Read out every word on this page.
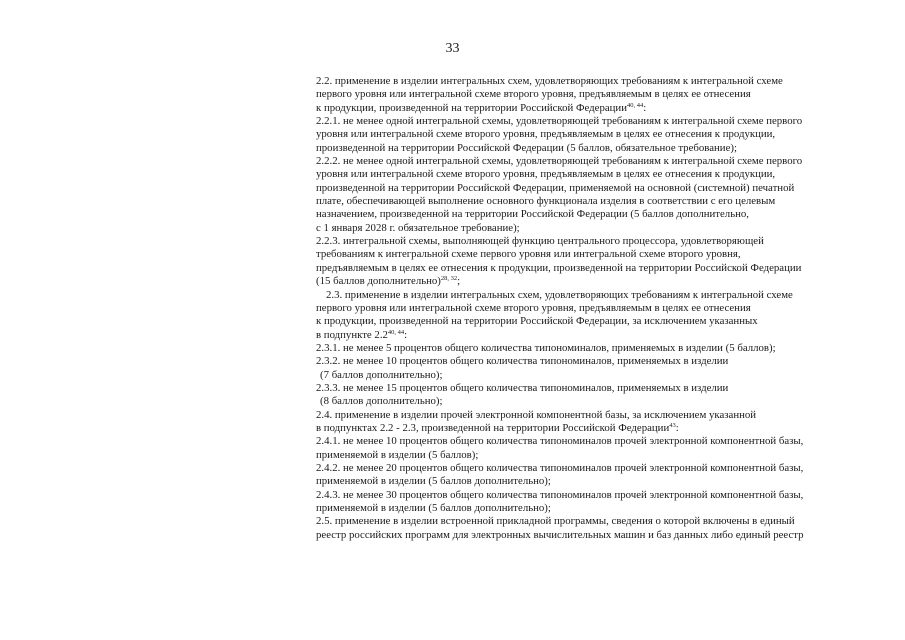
33
2.2. применение в изделии интегральных схем, удовлетворяющих требованиям к интегральной схеме
первого уровня или интегральной схеме второго уровня, предъявляемым в целях ее отнесения
к продукции, произведенной на территории Российской Федерации$^{40, 44}$:
2.2.1. не менее одной интегральной схемы, удовлетворяющей требованиям к интегральной схеме первого
уровня или интегральной схеме второго уровня, предъявляемым в целях ее отнесения к продукции,
произведенной на территории Российской Федерации (5 баллов, обязательное требование);
2.2.2. не менее одной интегральной схемы, удовлетворяющей требованиям к интегральной схеме первого
уровня или интегральной схеме второго уровня, предъявляемым в целях ее отнесения к продукции,
произведенной на территории Российской Федерации, применяемой на основной (системной) печатной
плате, обеспечивающей выполнение основного функционала изделия в соответствии с его целевым
назначением, произведенной на территории Российской Федерации (5 баллов дополнительно,
с 1 января 2028 г. обязательное требование);
2.2.3. интегральной схемы, выполняющей функцию центрального процессора, удовлетворяющей
требованиям к интегральной схеме первого уровня или интегральной схеме второго уровня,
предъявляемым в целях ее отнесения к продукции, произведенной на территории Российской Федерации
(15 баллов дополнительно)$^{28, 32}$;
2.3. применение в изделии интегральных схем, удовлетворяющих требованиям к интегральной схеме
первого уровня или интегральной схеме второго уровня, предъявляемым в целях ее отнесения
к продукции, произведенной на территории Российской Федерации, за исключением указанных
в подпункте 2.2$^{40, 44}$:
2.3.1. не менее 5 процентов общего количества типономиналов, применяемых в изделии (5 баллов);
2.3.2. не менее 10 процентов общего количества типономиналов, применяемых в изделии
(7 баллов дополнительно);
2.3.3. не менее 15 процентов общего количества типономиналов, применяемых в изделии
(8 баллов дополнительно);
2.4. применение в изделии прочей электронной компонентной базы, за исключением указанной
в подпунктах 2.2 - 2.3, произведенной на территории Российской Федерации$^{43}$:
2.4.1. не менее 10 процентов общего количества типономиналов прочей электронной компонентной базы,
применяемой в изделии (5 баллов);
2.4.2. не менее 20 процентов общего количества типономиналов прочей электронной компонентной базы,
применяемой в изделии (5 баллов дополнительно);
2.4.3. не менее 30 процентов общего количества типономиналов прочей электронной компонентной базы,
применяемой в изделии (5 баллов дополнительно);
2.5. применение в изделии встроенной прикладной программы, сведения о которой включены в единый
реестр российских программ для электронных вычислительных машин и баз данных либо единый реестр
